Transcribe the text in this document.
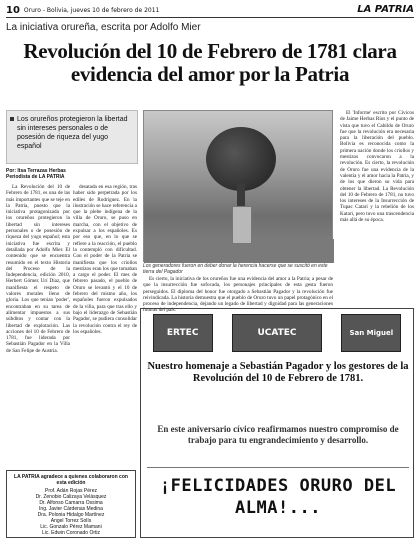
10 Oruro - Bolivia, jueves 10 de febrero de 2011	LA PATRIA
La iniciativa orureña, escrita por Adolfo Mier
Revolución del 10 de Febrero de 1781 clara evidencia del amor por la Patria
Los orureños protegieron la libertad sin intereses personales o de posesión de riqueza del yugo español
Por: Itsa Terrazas Herbas
Periodista de LA PATRIA

La Revolución del 10 de Febrero de 1781, es una de las más importantes que se teje en la Patria, puesto que la iniciativa protagonizada por los orureños protegieron la libertad sin intereses personales o de posesión de riqueza del yugo español; esta iniciativa fue escrita y detallada por Adolfo Mier. El contenido que se encuentra resumido en el texto Historia del Proceso de la Independencia, edición 2010, Herbert Gómez Urí Díaz, que manifiesta el respeto de valores morales lleno de gloria. Los que tenían 'poder', encontraban en su tarea de alimentar impuestos a sus súbditos y contar con la libertad de explotación. Las acciones del 10 de Febrero de 1781, fue liderada por Sebastián Pagador en la Villa de San Felipe de Austria.

desatada en esa región, tras haber sido perpetrada por los ediles de Rodríguez. En la ilustración se hace referencia a que la plebe indígena de la villa de Oruro, se puso en marcha, con el objetivo de expulsar a los españoles. Es por eso que, en lo que se refiere a la reacción, el pueblo la contempló con dificultad. Con el poder de la Patria se manifiesta que los criollos mestizos eran los que tomaban a cargo el poder. El mes de febrero pasado, el pueblo de Oruro se levantó y el 10 de febrero del mismo año, los españoles fueron expulsados de la villa, para que tras ello y bajo el liderazgo de Sebastián Pagador, se pudiera consolidar la revolución contra el rey de los españoles.

El 'Informe' escrito por Cívicos de Jaime Herbas Ríos y el punto de vista que tuvo el Cabildo de Oruro fue que la revolución era necesaria para la liberación del pueblo. Bolivia es reconocida como la primera nación donde los criollos y mestizos convocaron a la revolución. Es cierto, la revolución de Oruro fue una evidencia de la valentía y el amor hacia la Patria, y de los que dieron su vida para obtener la libertad. La Revolución del 10 de Febrero de 1781, no tuvo los intereses de la Insurrección de Tupac Catari y la rebelión de los Katari, pero tuvo una trascendencia más allá de su época.

Es cierto, la iniciativa de los orureños fue una evidencia del amor a la Patria; a pesar de que la insurrección fue sofocada, los personajes principales de esta gesta fueron perseguidos. El diploma del honor fue otorgado a Sebastián Pagador y la revolución fue reivindicada. La historia demuestra que el pueblo de Oruro tuvo un papel protagónico en el proceso de independencia, dejando un legado de libertad y dignidad para las generaciones futuras del país.

Los generadores fueron en deber donar la herencia hacerse que se suscitó en este tierra del Pagador
ERTEC	UCATEC	San Miguel
Nuestro homenaje a Sebastián Pagador y los gestores de la Revolución del 10 de Febrero de 1781.
En este aniversario cívico reafirmamos nuestro compromiso de trabajo para tu engrandecimiento y desarrollo.
¡FELICIDADES ORURO DEL ALMA!...
LA PATRIA agradece a quienes colaboraron con esta edición
Prof. Adán Rojas Pérez
Dr. Zenobio Calizaya Velásquez
Dr. Alfonso Camarra Ossima
Ing. Javier Cárdenas Medina
Dra. Polonia Hidalgo Martínez
Angel Torrez Solís
Lic. Gonzalo Pérez Mamani
Lic. Edwin Coronado Ortiz
